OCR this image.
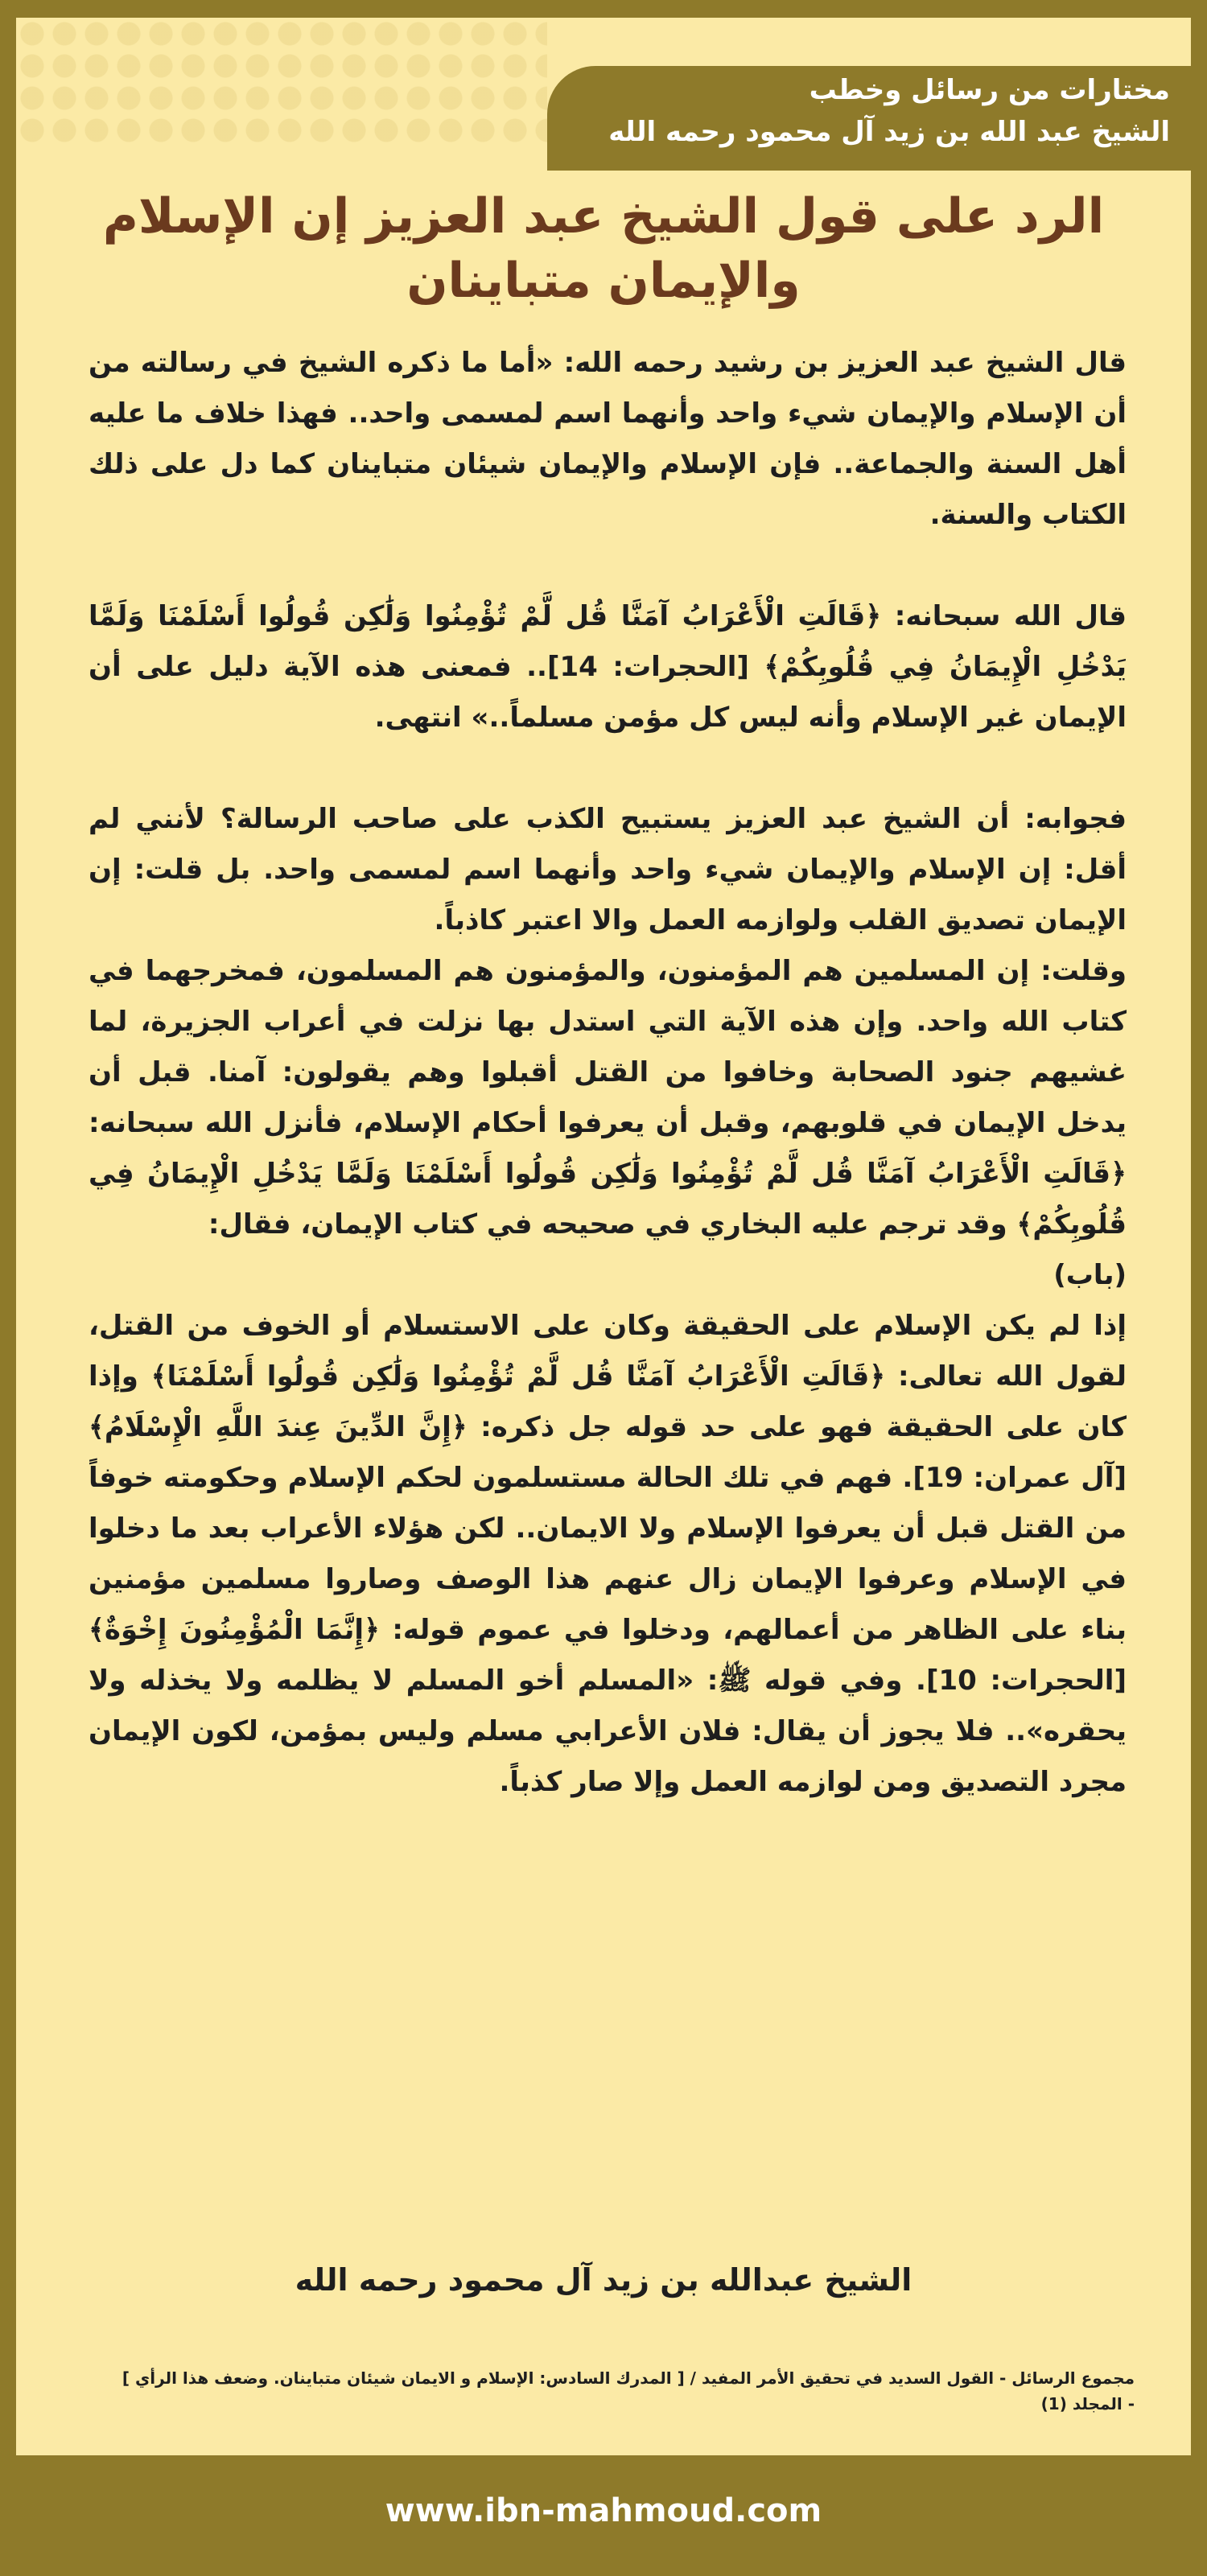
مختارات من رسائل وخطب
الشيخ عبد الله بن زيد آل محمود رحمه الله
الرد على قول الشيخ عبد العزيز إن الإسلام
والإيمان متباينان

قال الشيخ عبد العزيز بن رشيد رحمه الله: «أما ما ذكره الشيخ في رسالته من أن الإسلام والإيمان شيء واحد وأنهما اسم لمسمى واحد.. فهذا خلاف ما عليه أهل السنة والجماعة.. فإن الإسلام والإيمان شيئان متباينان كما دل على ذلك الكتاب والسنة.

قال الله سبحانه: ﴿قَالَتِ الْأَعْرَابُ آمَنَّا قُل لَّمْ تُؤْمِنُوا وَلَٰكِن قُولُوا أَسْلَمْنَا وَلَمَّا يَدْخُلِ الْإِيمَانُ فِي قُلُوبِكُمْ﴾ [الحجرات: 14].. فمعنى هذه الآية دليل على أن الإيمان غير الإسلام وأنه ليس كل مؤمن مسلماً..» انتهى.

فجوابه: أن الشيخ عبد العزيز يستبيح الكذب على صاحب الرسالة؟ لأنني لم أقل: إن الإسلام والإيمان شيء واحد وأنهما اسم لمسمى واحد. بل قلت: إن الإيمان تصديق القلب ولوازمه العمل والا اعتبر كاذباً.

وقلت: إن المسلمين هم المؤمنون، والمؤمنون هم المسلمون، فمخرجهما في كتاب الله واحد. وإن هذه الآية التي استدل بها نزلت في أعراب الجزيرة، لما غشيهم جنود الصحابة وخافوا من القتل أقبلوا وهم يقولون: آمنا. قبل أن يدخل الإيمان في قلوبهم، وقبل أن يعرفوا أحكام الإسلام، فأنزل الله سبحانه: ﴿قَالَتِ الْأَعْرَابُ آمَنَّا قُل لَّمْ تُؤْمِنُوا وَلَٰكِن قُولُوا أَسْلَمْنَا وَلَمَّا يَدْخُلِ الْإِيمَانُ فِي قُلُوبِكُمْ﴾ وقد ترجم عليه البخاري في صحيحه في كتاب الإيمان، فقال:

(باب)

إذا لم يكن الإسلام على الحقيقة وكان على الاستسلام أو الخوف من القتل، لقول الله تعالى: ﴿قَالَتِ الْأَعْرَابُ آمَنَّا قُل لَّمْ تُؤْمِنُوا وَلَٰكِن قُولُوا أَسْلَمْنَا﴾ وإذا كان على الحقيقة فهو على حد قوله جل ذكره: ﴿إِنَّ الدِّينَ عِندَ اللَّهِ الْإِسْلَامُ﴾ [آل عمران: 19]. فهم في تلك الحالة مستسلمون لحكم الإسلام وحكومته خوفاً من القتل قبل أن يعرفوا الإسلام ولا الايمان.. لكن هؤلاء الأعراب بعد ما دخلوا في الإسلام وعرفوا الإيمان زال عنهم هذا الوصف وصاروا مسلمين مؤمنين بناء على الظاهر من أعمالهم، ودخلوا في عموم قوله: ﴿إِنَّمَا الْمُؤْمِنُونَ إِخْوَةٌ﴾ [الحجرات: 10]. وفي قوله ﷺ: «المسلم أخو المسلم لا يظلمه ولا يخذله ولا يحقره».. فلا يجوز أن يقال: فلان الأعرابي مسلم وليس بمؤمن، لكون الإيمان مجرد التصديق ومن لوازمه العمل وإلا صار كذباً.

الشيخ عبدالله بن زيد آل محمود رحمه الله
مجموع الرسائل - القول السديد في تحقيق الأمر المفيد / [ المدرك السادس: الإسلام و الايمان شيئان متباينان. وضعف هذا الرأي ]
- المجلد (1)
www.ibn-mahmoud.com
